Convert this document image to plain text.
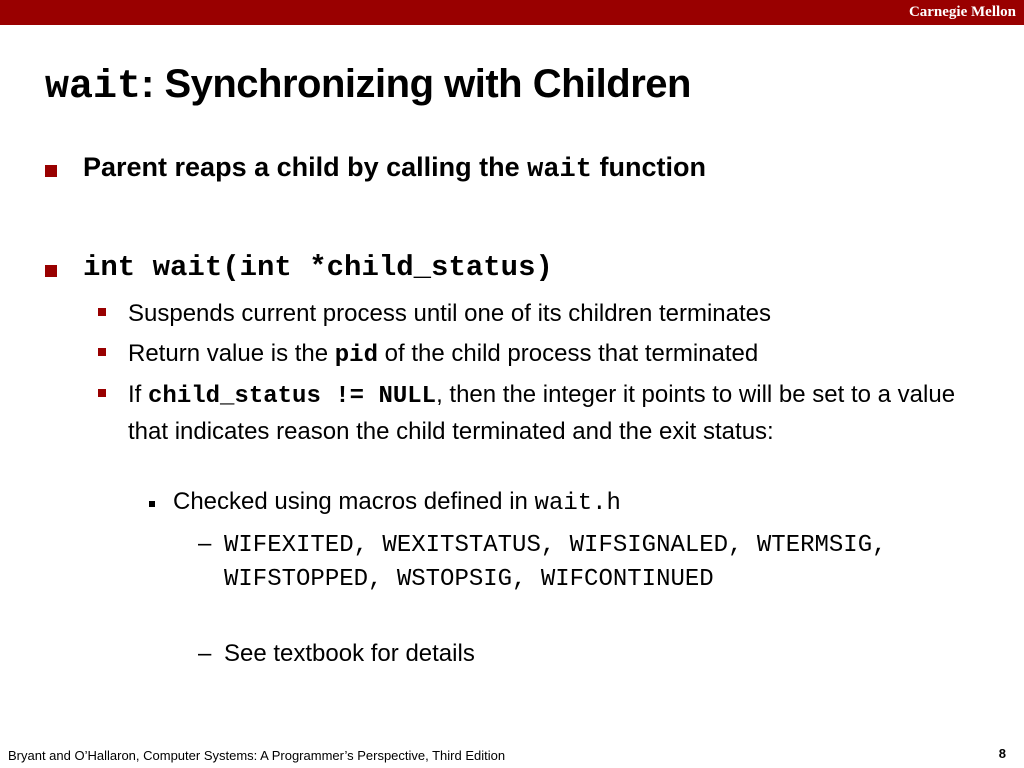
Carnegie Mellon
wait: Synchronizing with Children
Parent reaps a child by calling the wait function
int wait(int *child_status)
Suspends current process until one of its children terminates
Return value is the pid of the child process that terminated
If child_status != NULL, then the integer it points to will be set to a value that indicates reason the child terminated and the exit status:
Checked using macros defined in wait.h
– WIFEXITED, WEXITSTATUS, WIFSIGNALED, WTERMSIG, WIFSTOPPED, WSTOPSIG, WIFCONTINUED
– See textbook for details
Bryant and O’Hallaron, Computer Systems: A Programmer’s Perspective, Third Edition	8
